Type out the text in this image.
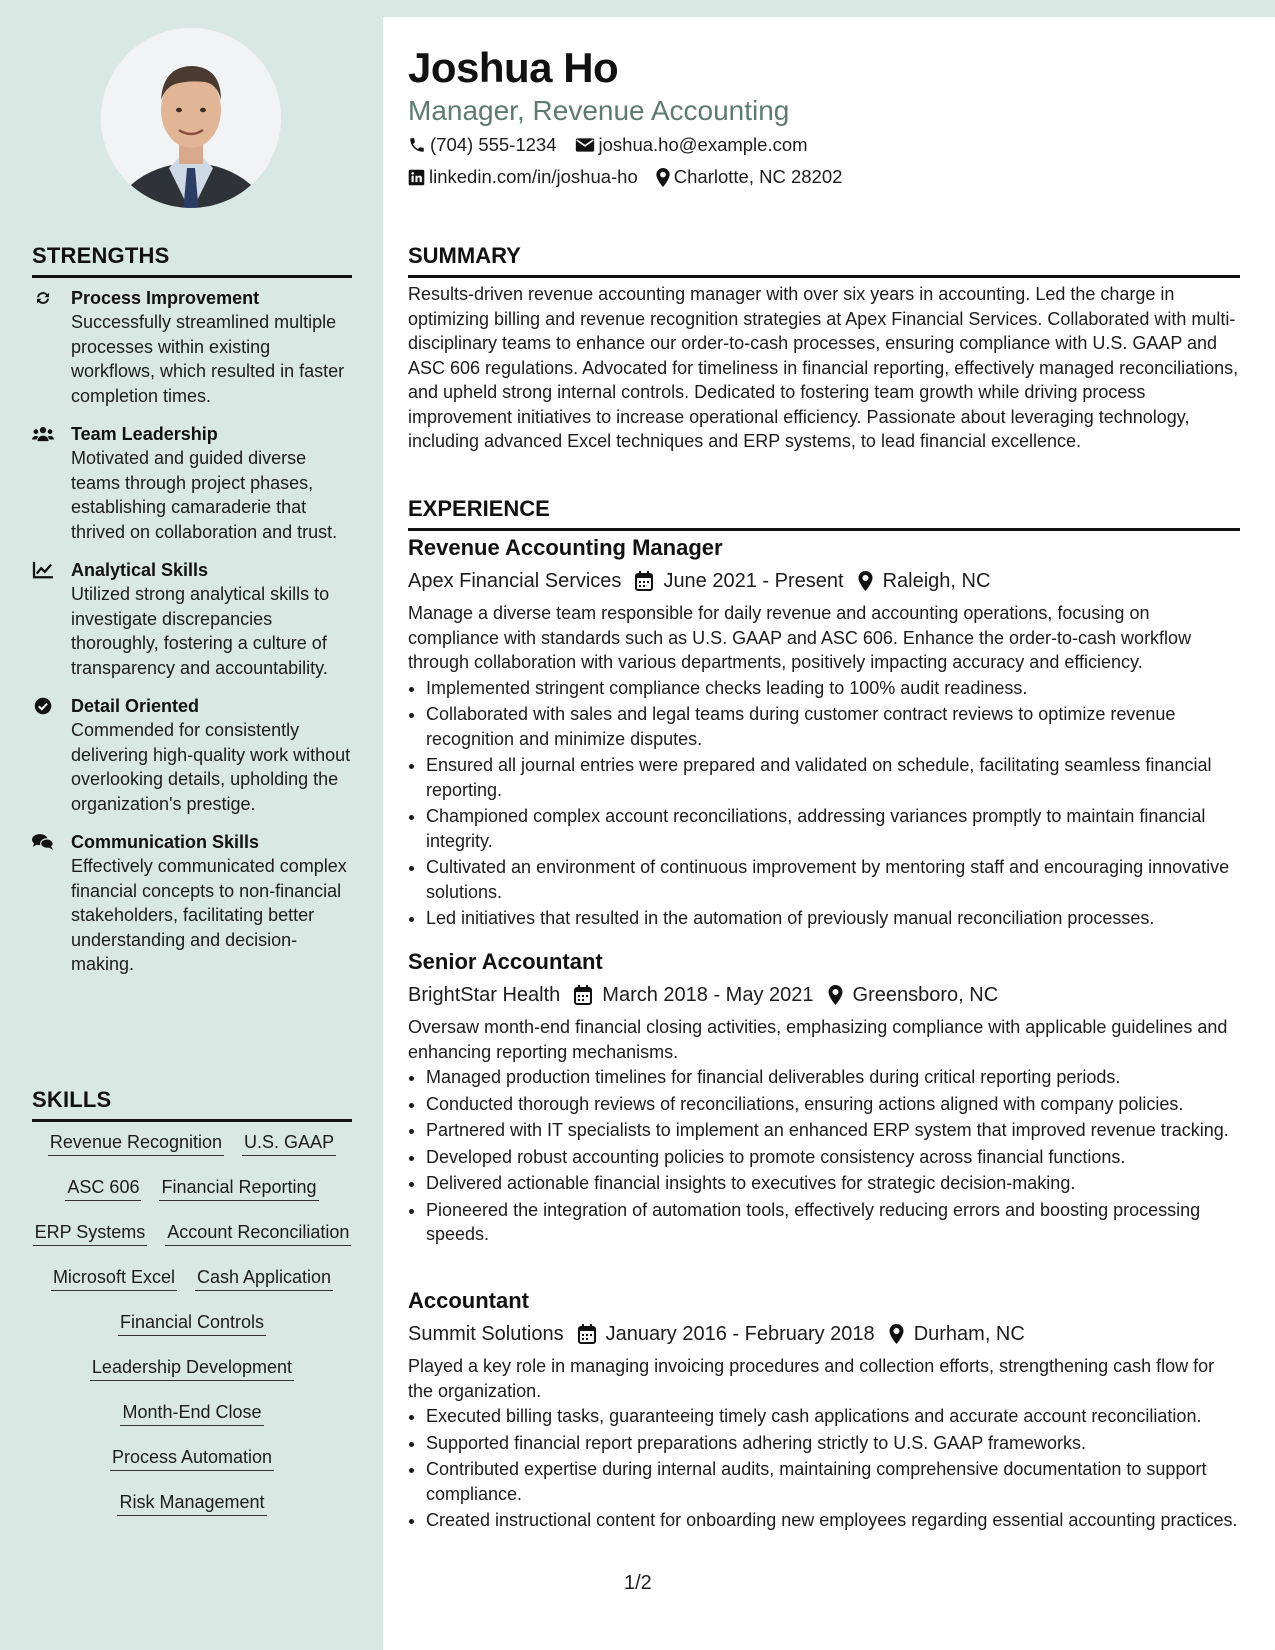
Joshua Ho
Manager, Revenue Accounting
(704) 555-1234 joshua.ho@example.com
linkedin.com/in/joshua-ho Charlotte, NC 28202
STRENGTHS
Process Improvement
Successfully streamlined multiple processes within existing workflows, which resulted in faster completion times.
Team Leadership
Motivated and guided diverse teams through project phases, establishing camaraderie that thrived on collaboration and trust.
Analytical Skills
Utilized strong analytical skills to investigate discrepancies thoroughly, fostering a culture of transparency and accountability.
Detail Oriented
Commended for consistently delivering high-quality work without overlooking details, upholding the organization's prestige.
Communication Skills
Effectively communicated complex financial concepts to non-financial stakeholders, facilitating better understanding and decision-making.
SKILLS
Revenue Recognition U.S. GAAP
ASC 606 Financial Reporting
ERP Systems Account Reconciliation
Microsoft Excel Cash Application
Financial Controls
Leadership Development
Month-End Close
Process Automation
Risk Management
SUMMARY
Results-driven revenue accounting manager with over six years in accounting. Led the charge in optimizing billing and revenue recognition strategies at Apex Financial Services. Collaborated with multi-disciplinary teams to enhance our order-to-cash processes, ensuring compliance with U.S. GAAP and ASC 606 regulations. Advocated for timeliness in financial reporting, effectively managed reconciliations, and upheld strong internal controls. Dedicated to fostering team growth while driving process improvement initiatives to increase operational efficiency. Passionate about leveraging technology, including advanced Excel techniques and ERP systems, to lead financial excellence.
EXPERIENCE
Revenue Accounting Manager
Apex Financial Services June 2021 - Present Raleigh, NC
Manage a diverse team responsible for daily revenue and accounting operations, focusing on compliance with standards such as U.S. GAAP and ASC 606. Enhance the order-to-cash workflow through collaboration with various departments, positively impacting accuracy and efficiency.
• Implemented stringent compliance checks leading to 100% audit readiness.
• Collaborated with sales and legal teams during customer contract reviews to optimize revenue recognition and minimize disputes.
• Ensured all journal entries were prepared and validated on schedule, facilitating seamless financial reporting.
• Championed complex account reconciliations, addressing variances promptly to maintain financial integrity.
• Cultivated an environment of continuous improvement by mentoring staff and encouraging innovative solutions.
• Led initiatives that resulted in the automation of previously manual reconciliation processes.
Senior Accountant
BrightStar Health March 2018 - May 2021 Greensboro, NC
Oversaw month-end financial closing activities, emphasizing compliance with applicable guidelines and enhancing reporting mechanisms.
• Managed production timelines for financial deliverables during critical reporting periods.
• Conducted thorough reviews of reconciliations, ensuring actions aligned with company policies.
• Partnered with IT specialists to implement an enhanced ERP system that improved revenue tracking.
• Developed robust accounting policies to promote consistency across financial functions.
• Delivered actionable financial insights to executives for strategic decision-making.
• Pioneered the integration of automation tools, effectively reducing errors and boosting processing speeds.
Accountant
Summit Solutions January 2016 - February 2018 Durham, NC
Played a key role in managing invoicing procedures and collection efforts, strengthening cash flow for the organization.
• Executed billing tasks, guaranteeing timely cash applications and accurate account reconciliation.
• Supported financial report preparations adhering strictly to U.S. GAAP frameworks.
• Contributed expertise during internal audits, maintaining comprehensive documentation to support compliance.
• Created instructional content for onboarding new employees regarding essential accounting practices.
1/2
